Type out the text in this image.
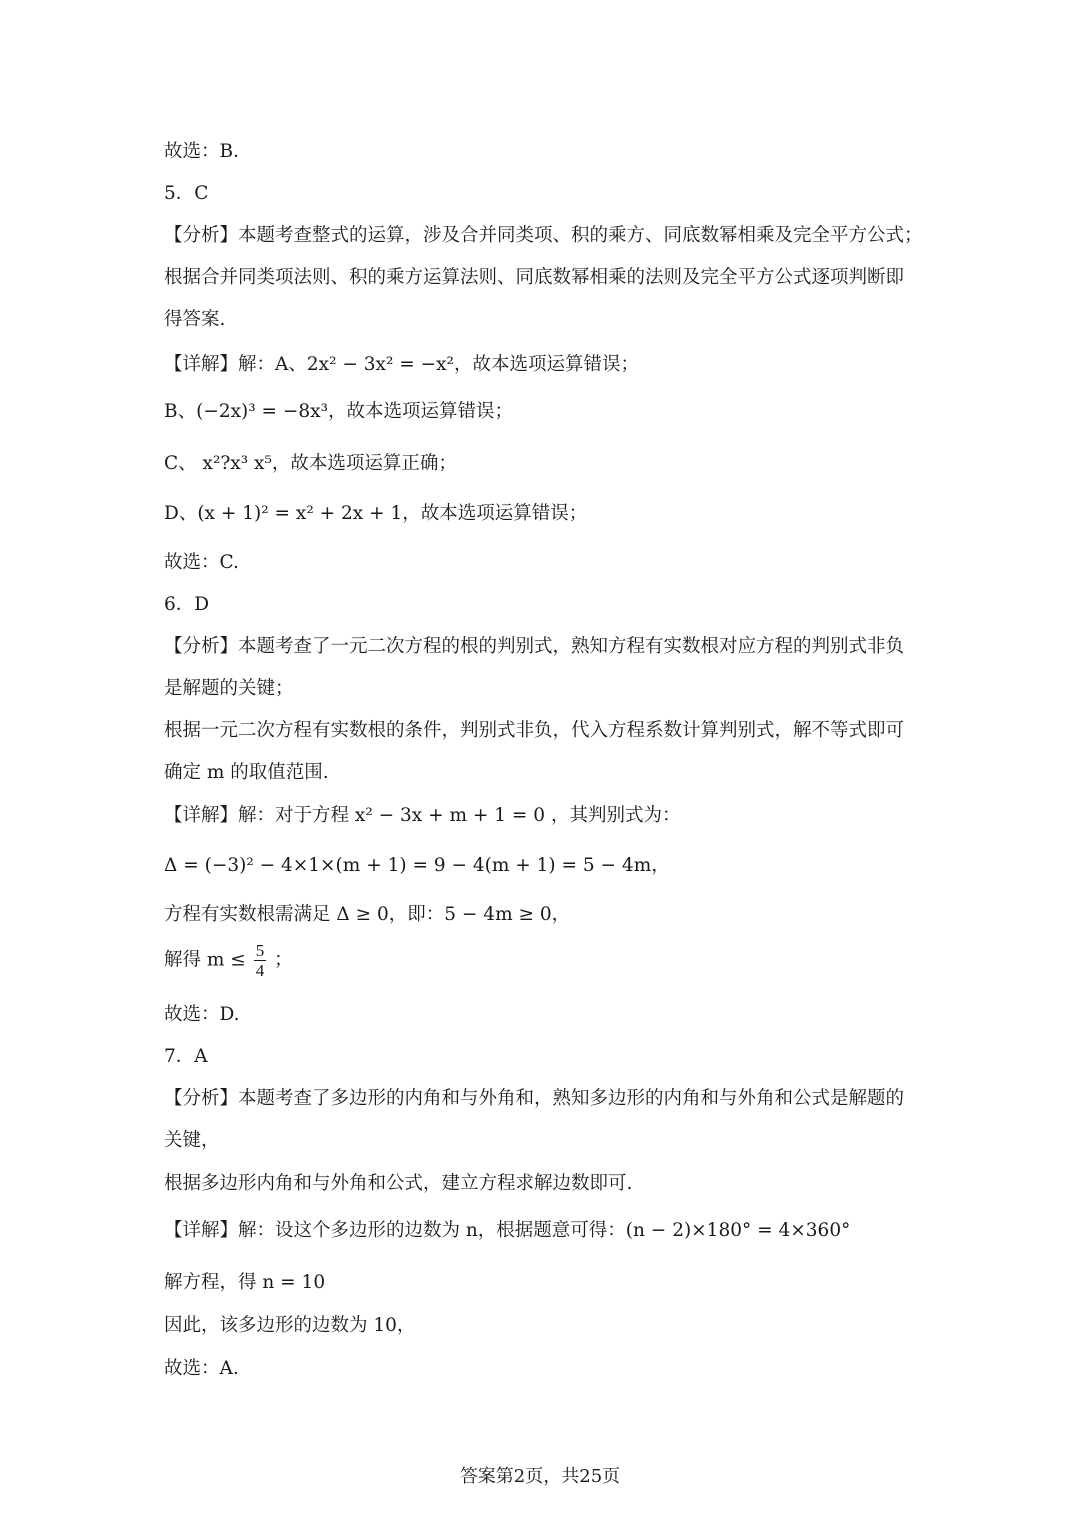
故选：B．
5．C
【分析】本题考查整式的运算，涉及合并同类项、积的乘方、同底数幂相乘及完全平方公式；
根据合并同类项法则、积的乘方运算法则、同底数幂相乘的法则及完全平方公式逐项判断即
得答案.
【详解】解：A、2x² − 3x² = −x²，故本选项运算错误；
B、(−2x)³ = −8x³，故本选项运算错误；
C、 x²?x³ x⁵，故本选项运算正确；
D、(x + 1)² = x² + 2x + 1，故本选项运算错误；
故选：C.
6．D
【分析】本题考查了一元二次方程的根的判别式，熟知方程有实数根对应方程的判别式非负
是解题的关键；
根据一元二次方程有实数根的条件，判别式非负，代入方程系数计算判别式，解不等式即可
确定 m 的取值范围.
【详解】解：对于方程 x² − 3x + m + 1 = 0 ，其判别式为：
Δ = (−3)² − 4×1×(m + 1) = 9 − 4(m + 1) = 5 − 4m，
方程有实数根需满足 Δ ≥ 0，即：5 − 4m ≥ 0，
解得 $m \le \frac{5}{4}$ ；
故选：D.
7．A
【分析】本题考查了多边形的内角和与外角和，熟知多边形的内角和与外角和公式是解题的
关键，
根据多边形内角和与外角和公式，建立方程求解边数即可.
【详解】解：设这个多边形的边数为 n，根据题意可得：(n − 2)×180° = 4×360°
解方程，得 n = 10
因此，该多边形的边数为 10，
故选：A.
答案第2页，共25页
